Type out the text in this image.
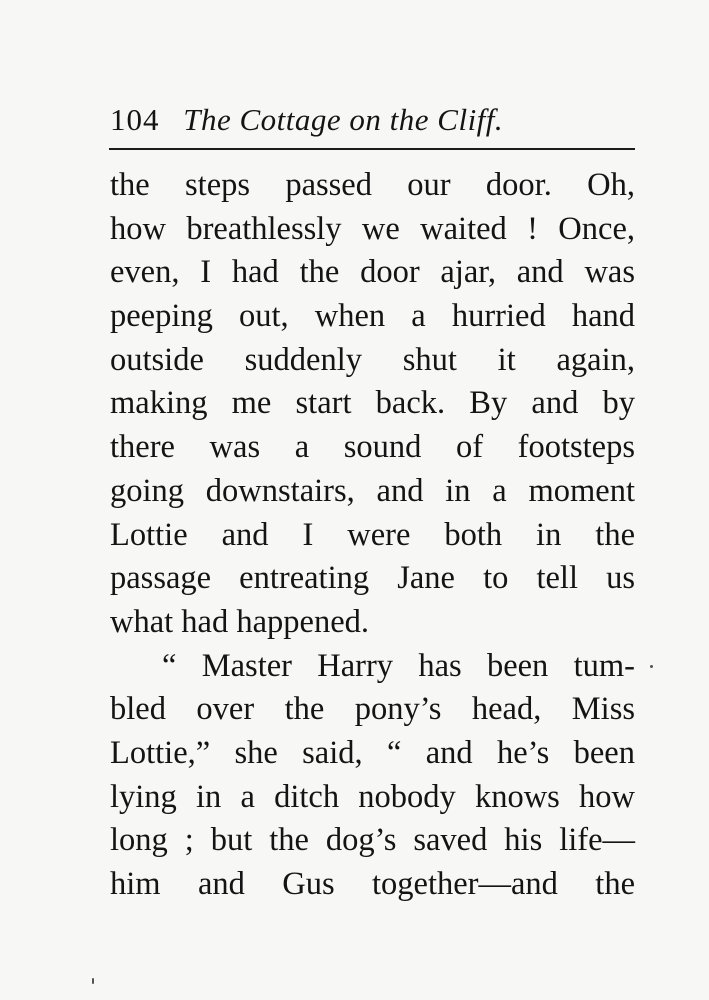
104 The Cottage on the Cliff.
the steps passed our door. Oh,
how breathlessly we waited ! Once,
even, I had the door ajar, and was
peeping out, when a hurried hand
outside suddenly shut it again,
making me start back. By and by
there was a sound of footsteps
going downstairs, and in a moment
Lottie and I were both in the
passage entreating Jane to tell us
what had happened.
“ Master Harry has been tum-
bled over the pony’s head, Miss
Lottie,” she said, “ and he’s been
lying in a ditch nobody knows how
long ; but the dog’s saved his life—
him and Gus together—and the
